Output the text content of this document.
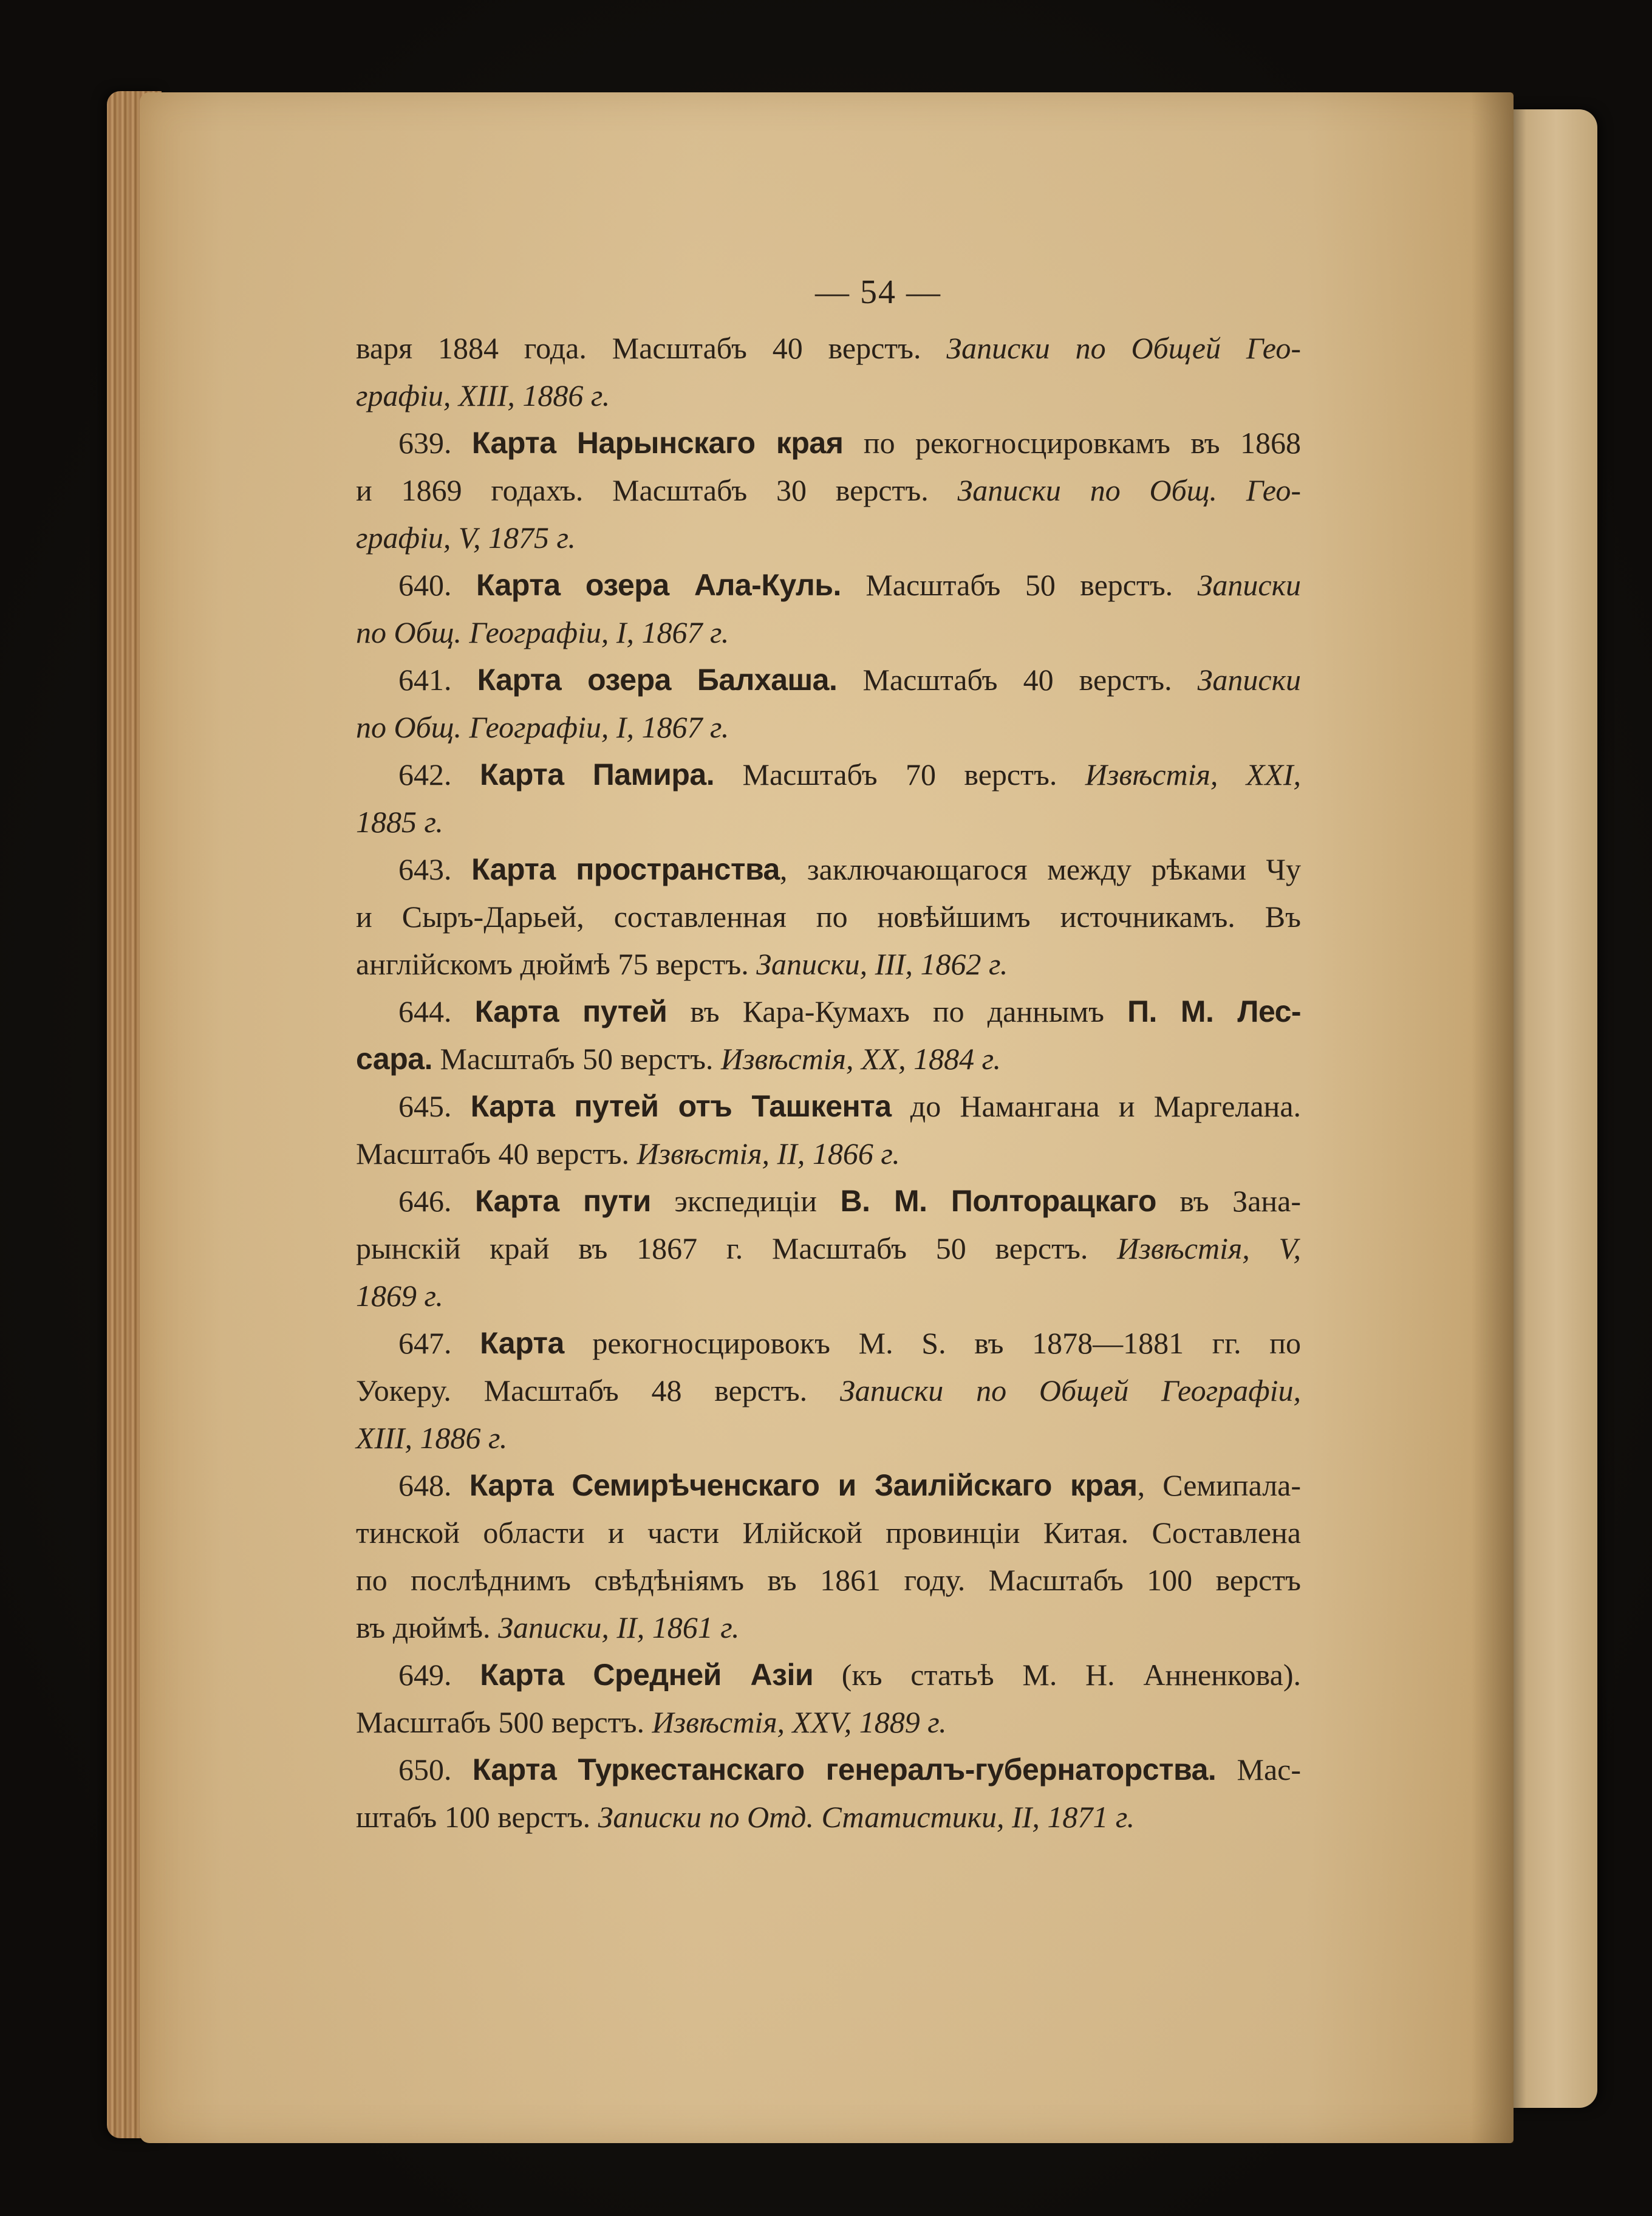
— 54 —
варя 1884 года. Масштабъ 40 верстъ. Записки по Общей Гео-
графіи, XIII, 1886 г.
639. Карта Нарынскаго края по рекогносцировкамъ въ 1868
и 1869 годахъ. Масштабъ 30 верстъ. Записки по Общ. Гео-
графіи, V, 1875 г.
640. Карта озера Ала-Куль. Масштабъ 50 верстъ. Записки
по Общ. Географіи, I, 1867 г.
641. Карта озера Балхаша. Масштабъ 40 верстъ. Записки
по Общ. Географіи, I, 1867 г.
642. Карта Памира. Масштабъ 70 верстъ. Извѣстія, XXI,
1885 г.
643. Карта пространства, заключающагося между рѣками Чу
и Сыръ-Дарьей, составленная по новѣйшимъ источникамъ. Въ
англійскомъ дюймѣ 75 верстъ. Записки, III, 1862 г.
644. Карта путей въ Кара-Кумахъ по даннымъ П. М. Лес-
сара. Масштабъ 50 верстъ. Извѣстія, XX, 1884 г.
645. Карта путей отъ Ташкента до Намангана и Маргелана.
Масштабъ 40 верстъ. Извѣстія, II, 1866 г.
646. Карта пути экспедиціи В. М. Полторацкаго въ Зана-
рынскій край въ 1867 г. Масштабъ 50 верстъ. Извѣстія, V,
1869 г.
647. Карта рекогносцировокъ М. S. въ 1878—1881 гг. по
Уокеру. Масштабъ 48 верстъ. Записки по Общей Географіи,
XIII, 1886 г.
648. Карта Семирѣченскаго и Заилійскаго края, Семипала-
тинской области и части Илійской провинціи Китая. Составлена
по послѣднимъ свѣдѣніямъ въ 1861 году. Масштабъ 100 верстъ
въ дюймѣ. Записки, II, 1861 г.
649. Карта Средней Азіи (къ статьѣ М. Н. Анненкова).
Масштабъ 500 верстъ. Извѣстія, XXV, 1889 г.
650. Карта Туркестанскаго генералъ-губернаторства. Мас-
штабъ 100 верстъ. Записки по Отд. Статистики, II, 1871 г.
